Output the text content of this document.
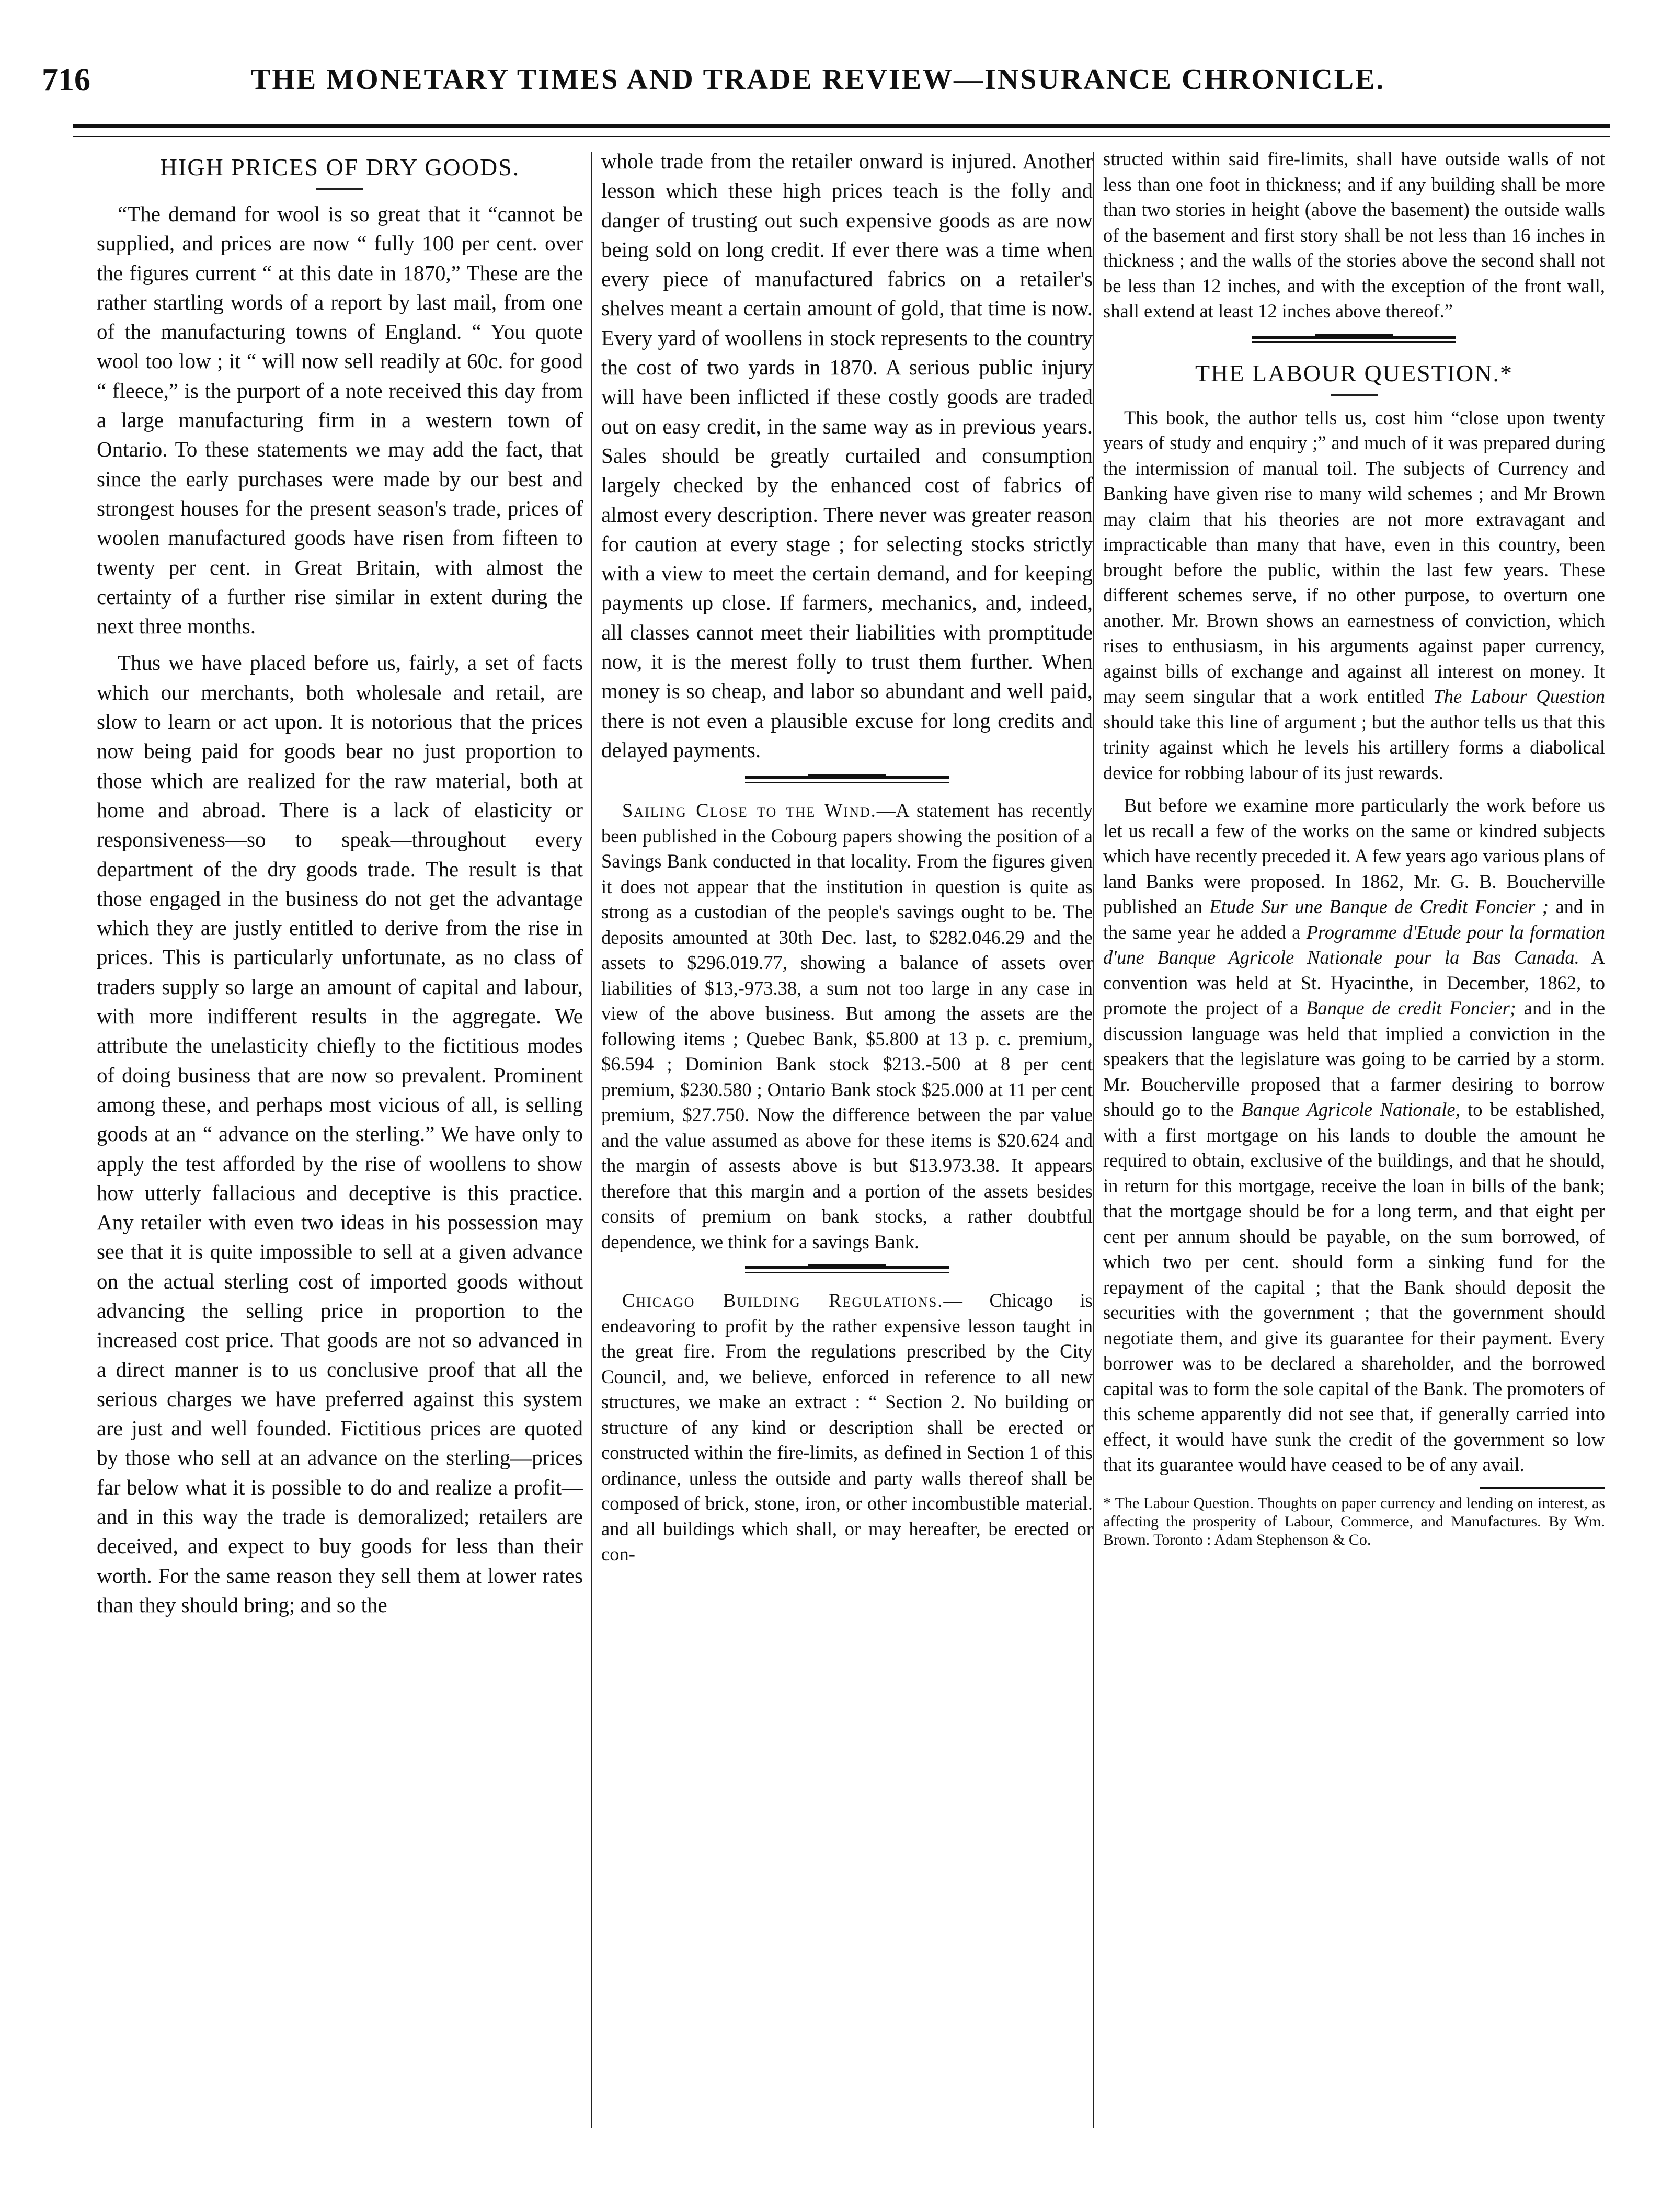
716	THE MONETARY TIMES AND TRADE REVIEW—INSURANCE CHRONICLE.
HIGH PRICES OF DRY GOODS.

“The demand for wool is so great that it “cannot be supplied, and prices are now “ fully 100 per cent. over the figures current “ at this date in 1870,” These are the rather startling words of a report by last mail, from one of the manufacturing towns of England. “ You quote wool too low ; it “ will now sell readily at 60c. for good “ fleece,” is the purport of a note received this day from a large manufacturing firm in a western town of Ontario. To these statements we may add the fact, that since the early purchases were made by our best and strongest houses for the present season's trade, prices of woolen manufactured goods have risen from fifteen to twenty per cent. in Great Britain, with almost the certainty of a further rise similar in extent during the next three months.

Thus we have placed before us, fairly, a set of facts which our merchants, both wholesale and retail, are slow to learn or act upon. It is notorious that the prices now being paid for goods bear no just proportion to those which are realized for the raw material, both at home and abroad. There is a lack of elasticity or responsiveness—so to speak—throughout every department of the dry goods trade. The result is that those engaged in the business do not get the advantage which they are justly entitled to derive from the rise in prices. This is particularly unfortunate, as no class of traders supply so large an amount of capital and labour, with more indifferent results in the aggregate. We attribute the unelasticity chiefly to the fictitious modes of doing business that are now so prevalent. Prominent among these, and perhaps most vicious of all, is selling goods at an “ advance on the sterling.” We have only to apply the test afforded by the rise of woollens to show how utterly fallacious and deceptive is this practice. Any retailer with even two ideas in his possession may see that it is quite impossible to sell at a given advance on the actual sterling cost of imported goods without advancing the selling price in proportion to the increased cost price. That goods are not so advanced in a direct manner is to us conclusive proof that all the serious charges we have preferred against this system are just and well founded. Fictitious prices are quoted by those who sell at an advance on the sterling—prices far below what it is possible to do and realize a profit—and in this way the trade is demoralized; retailers are deceived, and expect to buy goods for less than their worth. For the same reason they sell them at lower rates than they should bring; and so the

whole trade from the retailer onward is injured. Another lesson which these high prices teach is the folly and danger of trusting out such expensive goods as are now being sold on long credit. If ever there was a time when every piece of manufactured fabrics on a retailer's shelves meant a certain amount of gold, that time is now. Every yard of woollens in stock represents to the country the cost of two yards in 1870. A serious public injury will have been inflicted if these costly goods are traded out on easy credit, in the same way as in previous years. Sales should be greatly curtailed and consumption largely checked by the enhanced cost of fabrics of almost every description. There never was greater reason for caution at every stage ; for selecting stocks strictly with a view to meet the certain demand, and for keeping payments up close. If farmers, mechanics, and, indeed, all classes cannot meet their liabilities with promptitude now, it is the merest folly to trust them further. When money is so cheap, and labor so abundant and well paid, there is not even a plausible excuse for long credits and delayed payments.

Sailing Close to the Wind.—A statement has recently been published in the Cobourg papers showing the position of a Savings Bank conducted in that locality. From the figures given it does not appear that the institution in question is quite as strong as a custodian of the people's savings ought to be. The deposits amounted at 30th Dec. last, to $282.046.29 and the assets to $296.019.77, showing a balance of assets over liabilities of $13,-973.38, a sum not too large in any case in view of the above business. But among the assets are the following items ; Quebec Bank, $5.800 at 13 p. c. premium, $6.594 ; Dominion Bank stock $213.-500 at 8 per cent premium, $230.580 ; Ontario Bank stock $25.000 at 11 per cent premium, $27.750. Now the difference between the par value and the value assumed as above for these items is $20.624 and the margin of assests above is but $13.973.38. It appears therefore that this margin and a portion of the assets besides consits of premium on bank stocks, a rather doubtful dependence, we think for a savings Bank.

Chicago Building Regulations.— Chicago is endeavoring to profit by the rather expensive lesson taught in the great fire. From the regulations prescribed by the City Council, and, we believe, enforced in reference to all new structures, we make an extract : “ Section 2. No building or structure of any kind or description shall be erected or constructed within the fire-limits, as defined in Section 1 of this ordinance, unless the outside and party walls thereof shall be composed of brick, stone, iron, or other incombustible material. and all buildings which shall, or may hereafter, be erected or con-

structed within said fire-limits, shall have outside walls of not less than one foot in thickness; and if any building shall be more than two stories in height (above the basement) the outside walls of the basement and first story shall be not less than 16 inches in thickness ; and the walls of the stories above the second shall not be less than 12 inches, and with the exception of the front wall, shall extend at least 12 inches above thereof.”

THE LABOUR QUESTION.*

This book, the author tells us, cost him “close upon twenty years of study and enquiry ;” and much of it was prepared during the intermission of manual toil. The subjects of Currency and Banking have given rise to many wild schemes ; and Mr Brown may claim that his theories are not more extravagant and impracticable than many that have, even in this country, been brought before the public, within the last few years. These different schemes serve, if no other purpose, to overturn one another. Mr. Brown shows an earnestness of conviction, which rises to enthusiasm, in his arguments against paper currency, against bills of exchange and against all interest on money. It may seem singular that a work entitled The Labour Question should take this line of argument ; but the author tells us that this trinity against which he levels his artillery forms a diabolical device for robbing labour of its just rewards.

But before we examine more particularly the work before us let us recall a few of the works on the same or kindred subjects which have recently preceded it. A few years ago various plans of land Banks were proposed. In 1862, Mr. G. B. Boucherville published an Etude Sur une Banque de Credit Foncier ; and in the same year he added a Programme d'Etude pour la formation d'une Banque Agricole Nationale pour la Bas Canada. A convention was held at St. Hyacinthe, in December, 1862, to promote the project of a Banque de credit Foncier; and in the discussion language was held that implied a conviction in the speakers that the legislature was going to be carried by a storm. Mr. Boucherville proposed that a farmer desiring to borrow should go to the Banque Agricole Nationale, to be established, with a first mortgage on his lands to double the amount he required to obtain, exclusive of the buildings, and that he should, in return for this mortgage, receive the loan in bills of the bank; that the mortgage should be for a long term, and that eight per cent per annum should be payable, on the sum borrowed, of which two per cent. should form a sinking fund for the repayment of the capital ; that the Bank should deposit the securities with the government ; that the government should negotiate them, and give its guarantee for their payment. Every borrower was to be declared a shareholder, and the borrowed capital was to form the sole capital of the Bank. The promoters of this scheme apparently did not see that, if generally carried into effect, it would have sunk the credit of the government so low that its guarantee would have ceased to be of any avail.

* The Labour Question. Thoughts on paper currency and lending on interest, as affecting the prosperity of Labour, Commerce, and Manufactures. By Wm. Brown. Toronto : Adam Stephenson & Co.
